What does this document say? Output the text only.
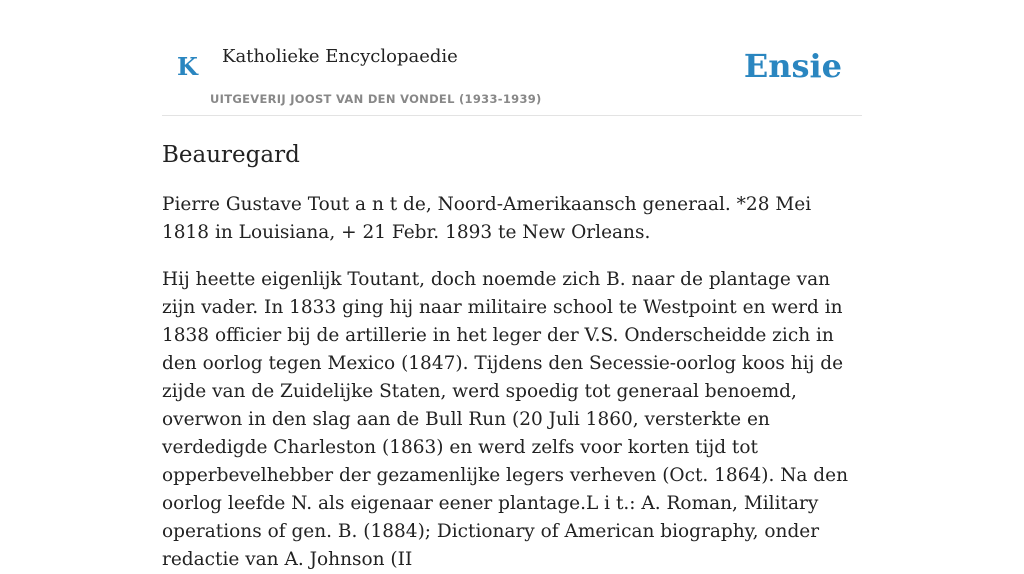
K Katholieke Encyclopaedie
UITGEVERIJ JOOST VAN DEN VONDEL (1933-1939)
Ensie
Beauregard

Pierre Gustave Tout a n t de, Noord-Amerikaansch generaal. *28 Mei 1818 in Louisiana, + 21 Febr. 1893 te New Orleans.

Hij heette eigenlijk Toutant, doch noemde zich B. naar de plantage van zijn vader. In 1833 ging hij naar militaire school te Westpoint en werd in 1838 officier bij de artillerie in het leger der V.S. Onderscheidde zich in den oorlog tegen Mexico (1847). Tijdens den Secessie-oorlog koos hij de zijde van de Zuidelijke Staten, werd spoedig tot generaal benoemd, overwon in den slag aan de Bull Run (20 Juli 1860, versterkte en verdedigde Charleston (1863) en werd zelfs voor korten tijd tot opperbevelhebber der gezamenlijke legers verheven (Oct. 1864). Na den oorlog leefde N. als eigenaar eener plantage.L i t.: A. Roman, Military operations of gen. B. (1884); Dictionary of American biography, onder redactie van A. Johnson (II
